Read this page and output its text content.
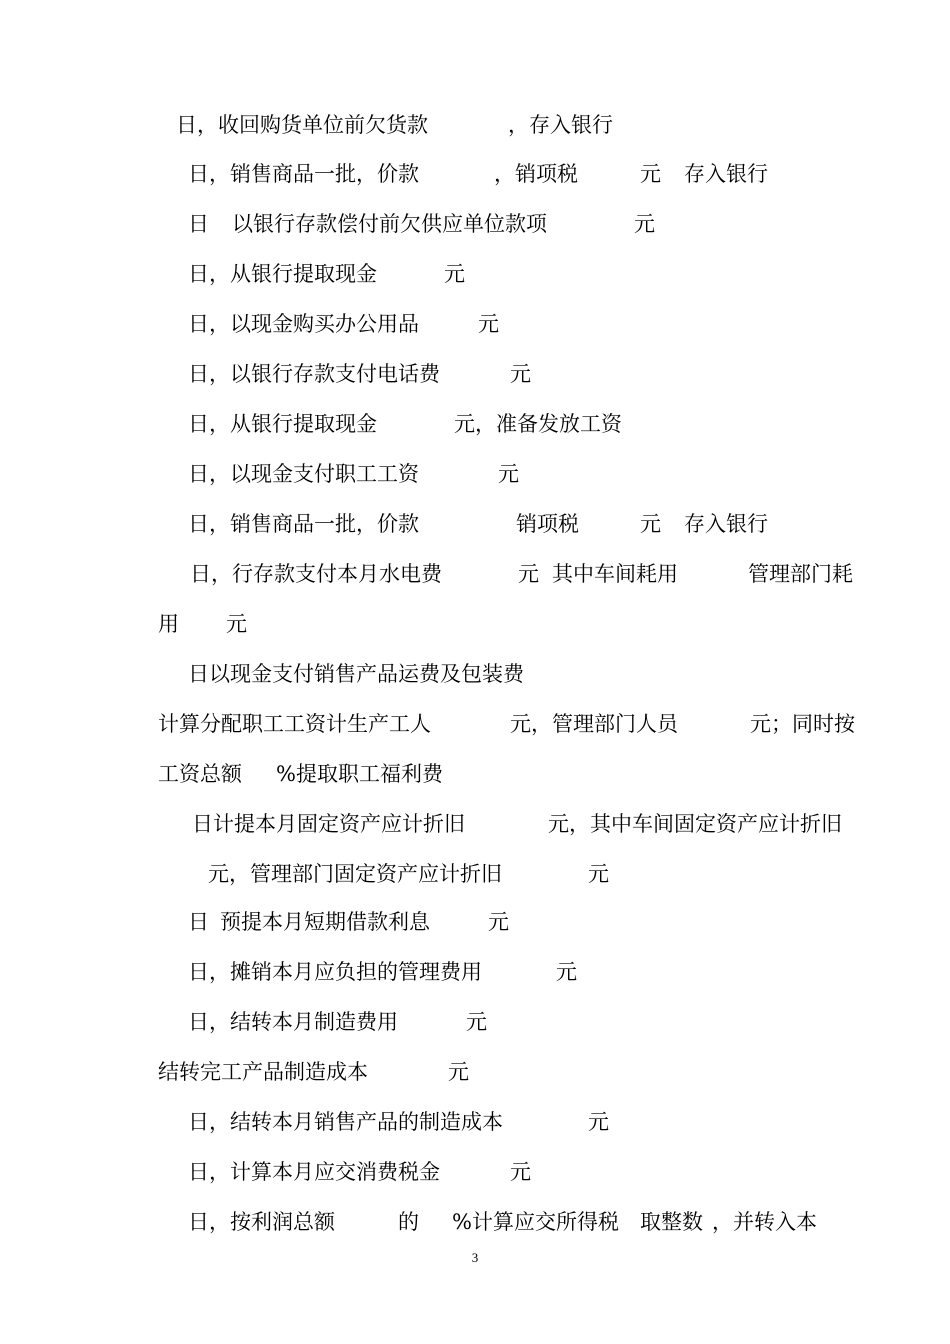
日，收回购货单位前欠货款	，存入银行
日，销售商品一批，价款	，销项税	元 存入银行
日 以银行存款偿付前欠供应单位款项	元
日，从银行提取现金	元
日，以现金购买办公用品	元
日，以银行存款支付电话费	元
日，从银行提取现金	元，准备发放工资
日，以现金支付职工工资	元
日，销售商品一批，价款	销项税	元 存入银行
日，行存款支付本月水电费	元 其中车间耗用	管理部门耗
用 元
日以现金支付销售产品运费及包装费
计算分配职工工资计生产工人	元，管理部门人员	元；同时按
工资总额 %提取职工福利费
日计提本月固定资产应计折旧	元，其中车间固定资产应计折旧
元，管理部门固定资产应计折旧	元
日 预提本月短期借款利息	元
日，摊销本月应负担的管理费用	元
日，结转本月制造费用	元
结转完工产品制造成本	元
日，结转本月销售产品的制造成本	元
日，计算本月应交消费税金	元
日，按利润总额	的 %计算应交所得税 取整数 ，并转入本
3
